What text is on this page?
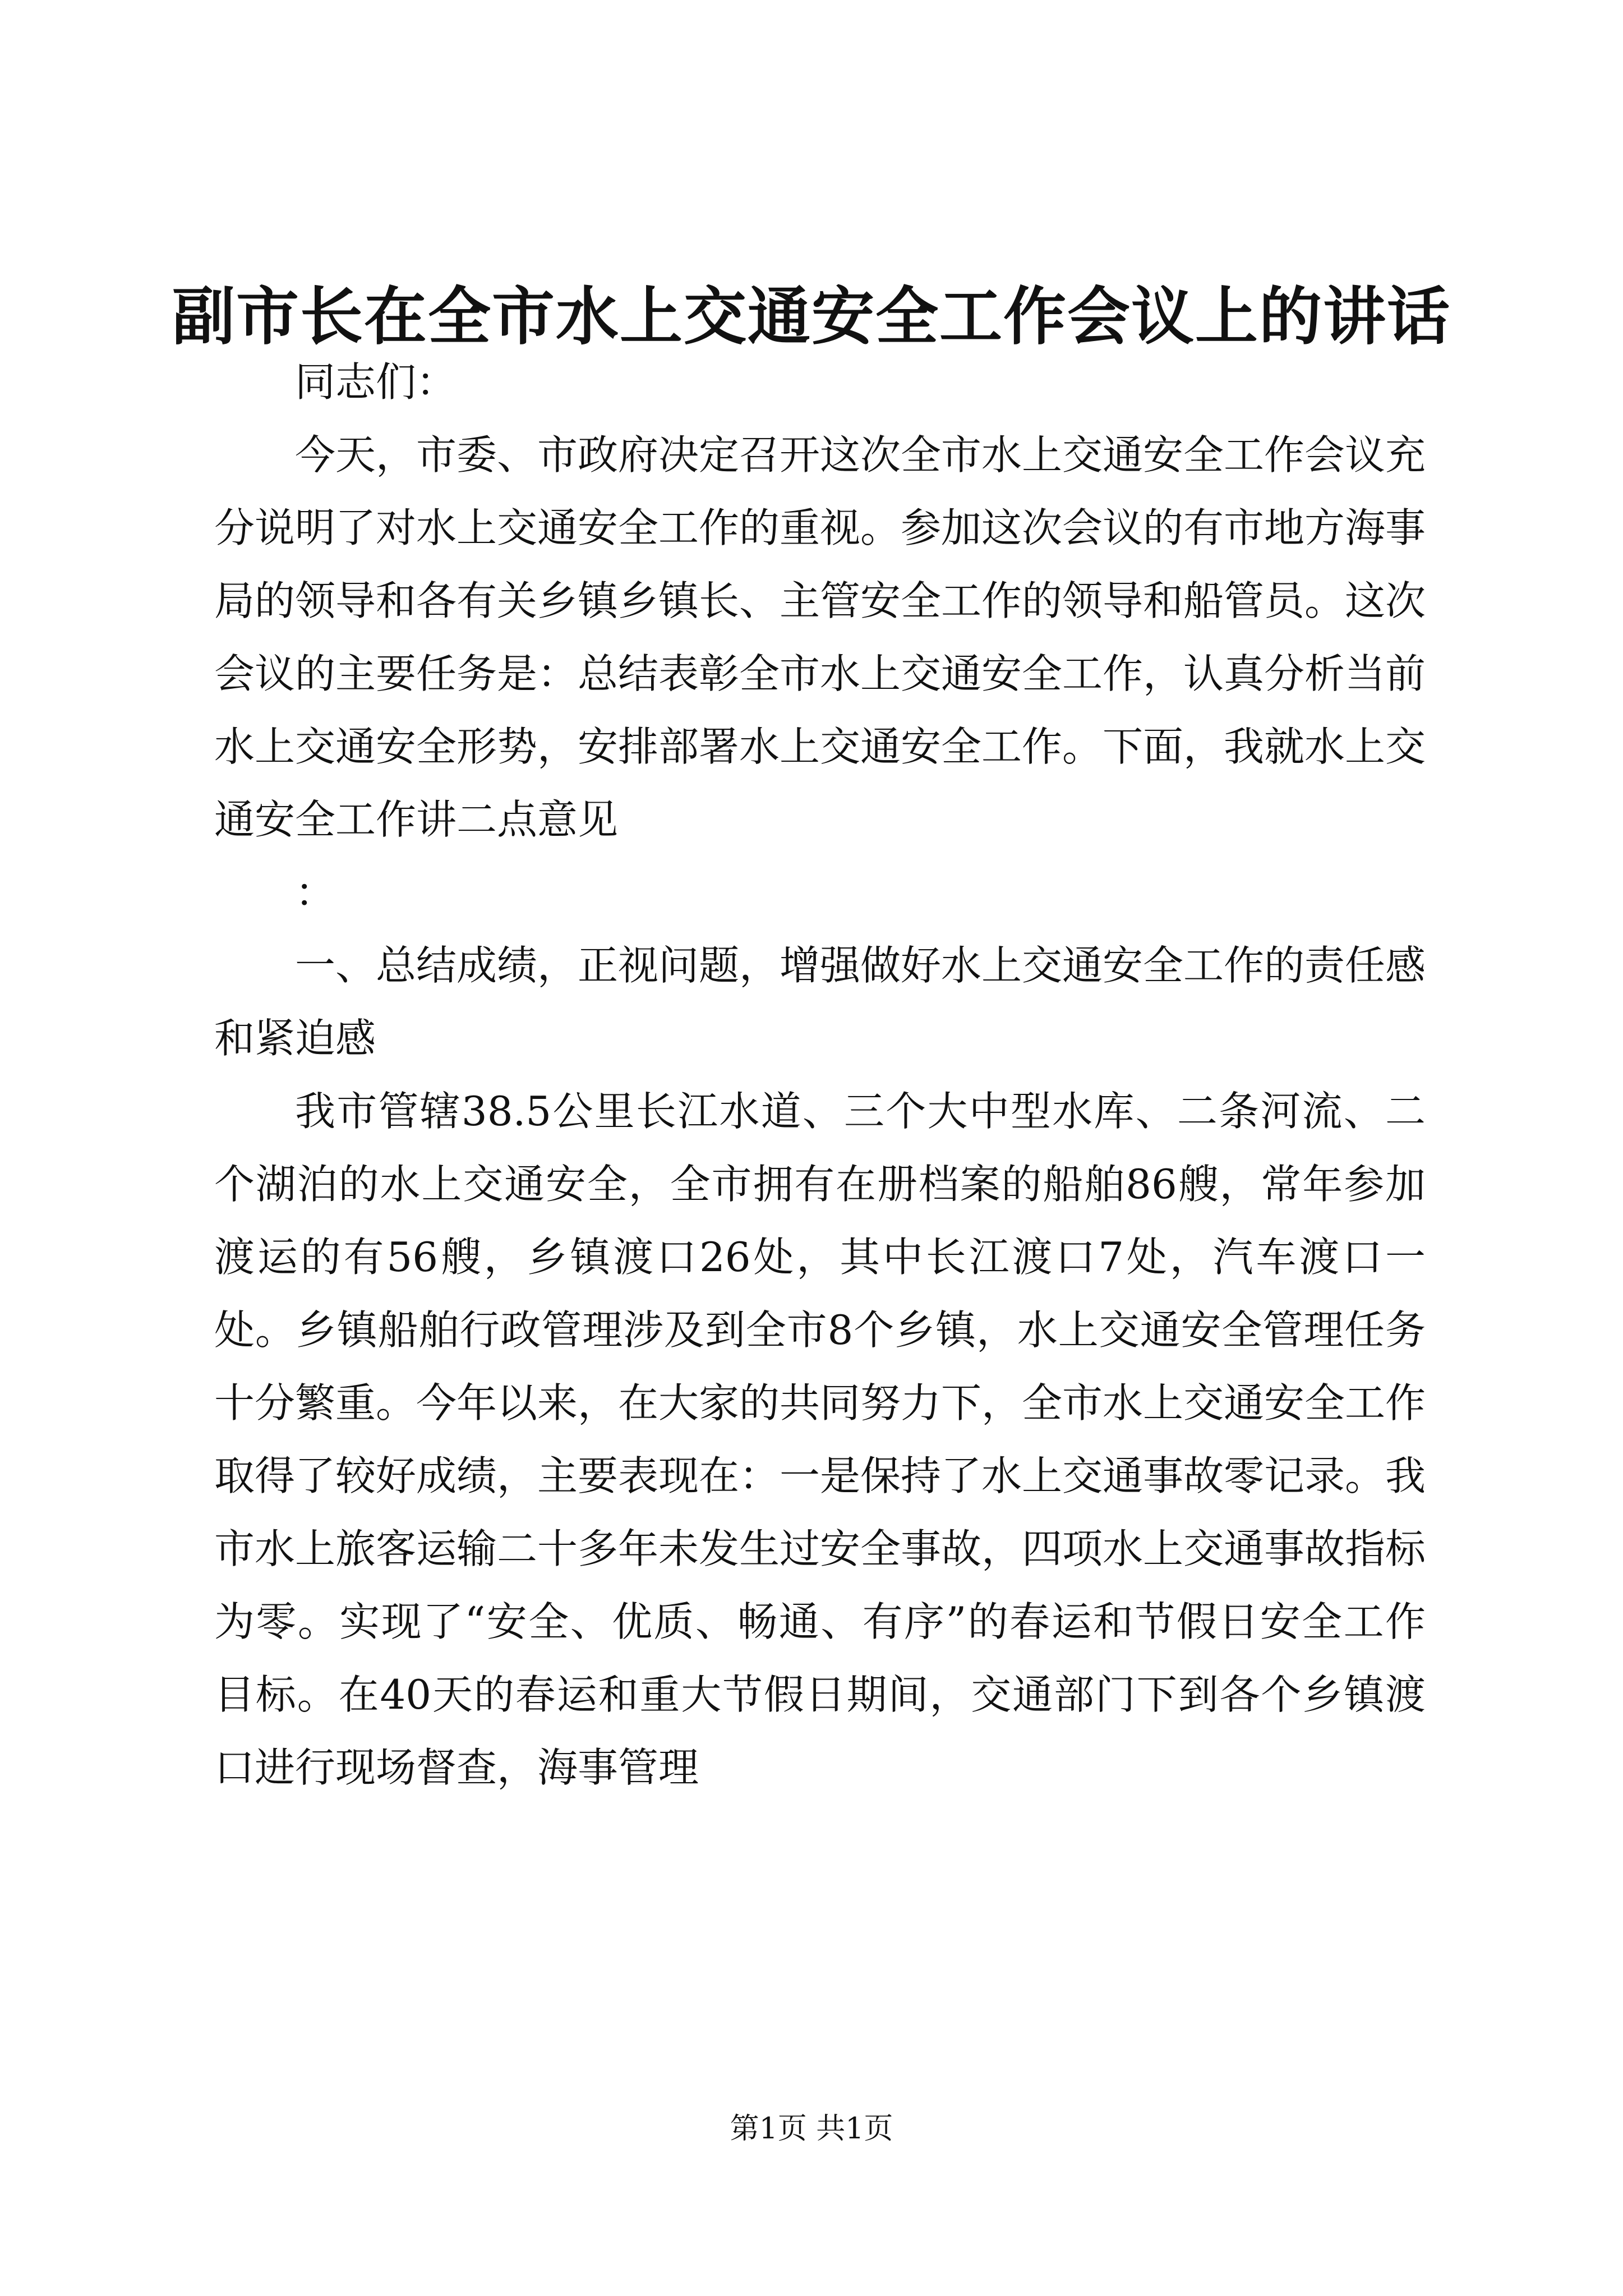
副市长在全市水上交通安全工作会议上的讲话

同志们：

今天，市委、市政府决定召开这次全市水上交通安全工作会议充分说明了对水上交通安全工作的重视。参加这次会议的有市地方海事局的领导和各有关乡镇乡镇长、主管安全工作的领导和船管员。这次会议的主要任务是：总结表彰全市水上交通安全工作，认真分析当前水上交通安全形势，安排部署水上交通安全工作。下面，我就水上交通安全工作讲二点意见

：

一、总结成绩，正视问题，增强做好水上交通安全工作的责任感和紧迫感

我市管辖38.5公里长江水道、三个大中型水库、二条河流、二个湖泊的水上交通安全，全市拥有在册档案的船舶86艘，常年参加渡运的有56艘，乡镇渡口26处，其中长江渡口7处，汽车渡口一处。乡镇船舶行政管理涉及到全市8个乡镇，水上交通安全管理任务十分繁重。今年以来，在大家的共同努力下，全市水上交通安全工作取得了较好成绩，主要表现在：一是保持了水上交通事故零记录。我市水上旅客运输二十多年未发生过安全事故，四项水上交通事故指标为零。实现了“安全、优质、畅通、有序”的春运和节假日安全工作目标。在40天的春运和重大节假日期间，交通部门下到各个乡镇渡口进行现场督查，海事管理

第1页 共1页
